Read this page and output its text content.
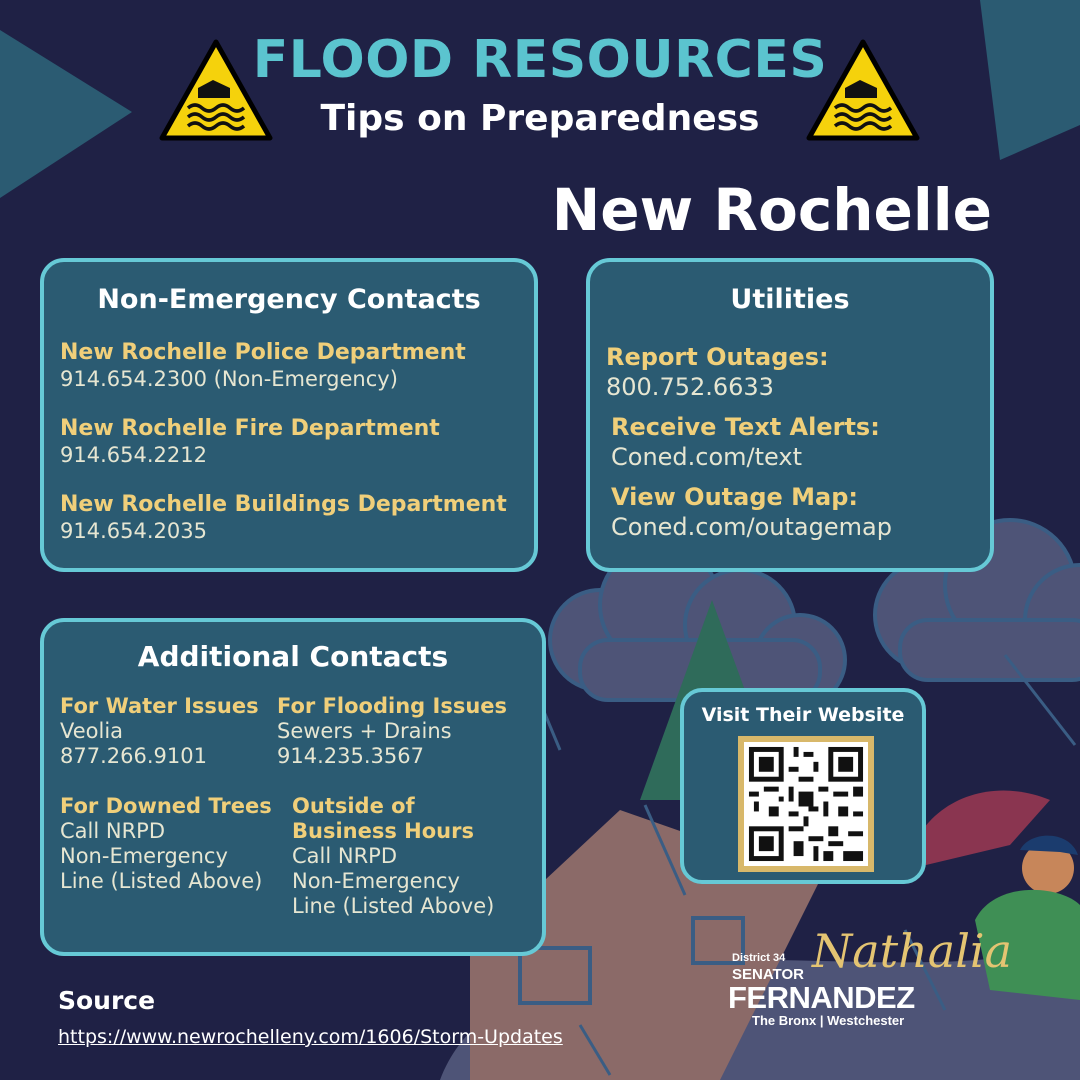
FLOOD RESOURCES
Tips on Preparedness
New Rochelle
Non-Emergency Contacts
New Rochelle Police Department
914.654.2300 (Non-Emergency)
New Rochelle Fire Department
914.654.2212
New Rochelle Buildings Department
914.654.2035
Utilities
Report Outages:
800.752.6633
Receive Text Alerts:
Coned.com/text
View Outage Map:
Coned.com/outagemap
Additional Contacts
For Water Issues
Veolia
877.266.9101
For Flooding Issues
Sewers + Drains
914.235.3567
For Downed Trees
Call NRPD
Non-Emergency
Line (Listed Above)
Outside of
Business Hours
Call NRPD
Non-Emergency
Line (Listed Above)
Visit Their Website
Source
https://www.newrochelleny.com/1606/Storm-Updates
District 34
SENATOR Nathalia
FERNANDEZ
The Bronx | Westchester
